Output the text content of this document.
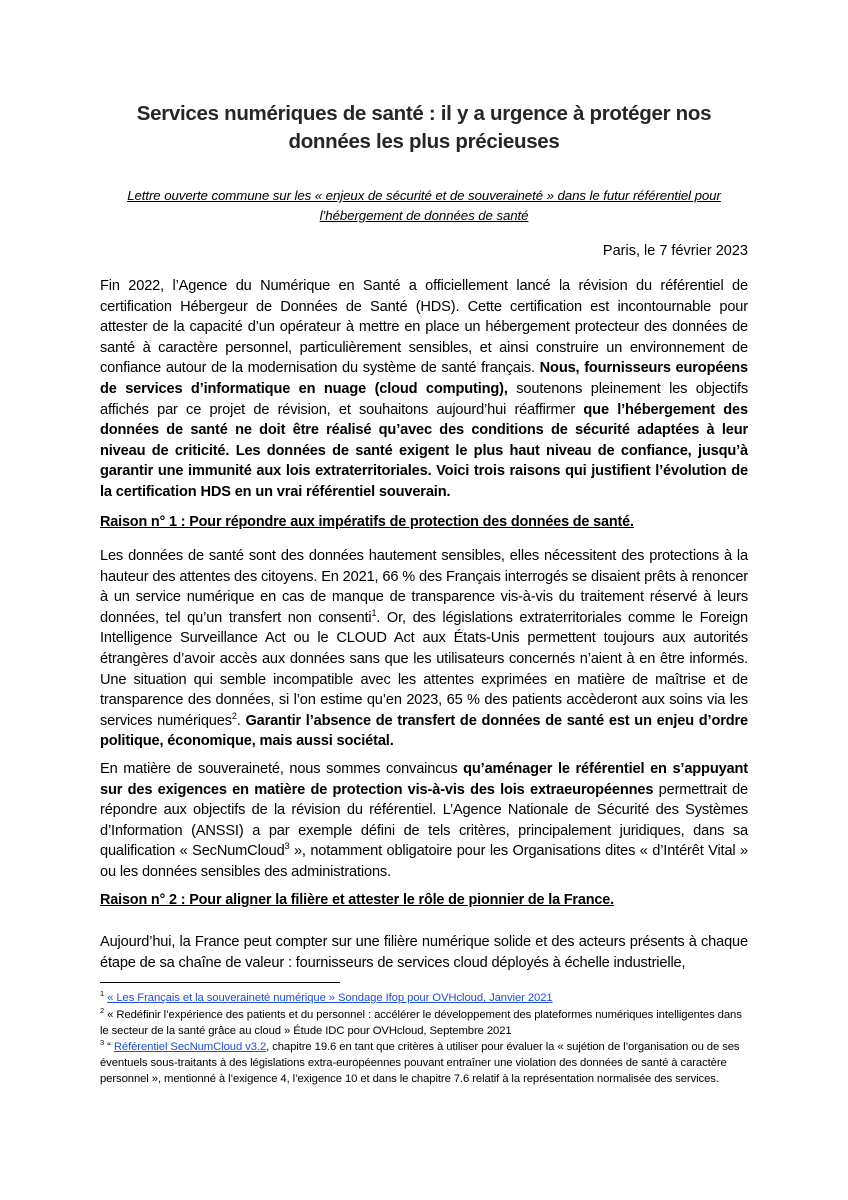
Services numériques de santé : il y a urgence à protéger nos
données les plus précieuses
Lettre ouverte commune sur les « enjeux de sécurité et de souveraineté » dans le futur référentiel pour
l’hébergement de données de santé
Paris, le 7 février 2023
Fin 2022, l’Agence du Numérique en Santé a officiellement lancé la révision du référentiel de certification Hébergeur de Données de Santé (HDS). Cette certification est incontournable pour attester de la capacité d’un opérateur à mettre en place un hébergement protecteur des données de santé à caractère personnel, particulièrement sensibles, et ainsi construire un environnement de confiance autour de la modernisation du système de santé français. Nous, fournisseurs européens de services d’informatique en nuage (cloud computing), soutenons pleinement les objectifs affichés par ce projet de révision, et souhaitons aujourd’hui réaffirmer que l’hébergement des données de santé ne doit être réalisé qu’avec des conditions de sécurité adaptées à leur niveau de criticité. Les données de santé exigent le plus haut niveau de confiance, jusqu’à garantir une immunité aux lois extraterritoriales. Voici trois raisons qui justifient l’évolution de la certification HDS en un vrai référentiel souverain.
Raison n° 1 : Pour répondre aux impératifs de protection des données de santé.
Les données de santé sont des données hautement sensibles, elles nécessitent des protections à la hauteur des attentes des citoyens. En 2021, 66 % des Français interrogés se disaient prêts à renoncer à un service numérique en cas de manque de transparence vis-à-vis du traitement réservé à leurs données, tel qu’un transfert non consenti$^1$. Or, des législations extraterritoriales comme le Foreign Intelligence Surveillance Act ou le CLOUD Act aux États-Unis permettent toujours aux autorités étrangères d’avoir accès aux données sans que les utilisateurs concernés n’aient à en être informés. Une situation qui semble incompatible avec les attentes exprimées en matière de maîtrise et de transparence des données, si l’on estime qu’en 2023, 65 % des patients accèderont aux soins via les services numériques$^2$. Garantir l’absence de transfert de données de santé est un enjeu d’ordre politique, économique, mais aussi sociétal.
En matière de souveraineté, nous sommes convaincus qu’aménager le référentiel en s’appuyant sur des exigences en matière de protection vis-à-vis des lois extraeuropéennes permettrait de répondre aux objectifs de la révision du référentiel. L’Agence Nationale de Sécurité des Systèmes d’Information (ANSSI) a par exemple défini de tels critères, principalement juridiques, dans sa qualification « SecNumCloud$^3$ », notamment obligatoire pour les Organisations dites « d’Intérêt Vital » ou les données sensibles des administrations.
Raison n° 2 : Pour aligner la filière et attester le rôle de pionnier de la France.
Aujourd’hui, la France peut compter sur une filière numérique solide et des acteurs présents à chaque étape de sa chaîne de valeur : fournisseurs de services cloud déployés à échelle industrielle,
$^1$ « Les Français et la souveraineté numérique » Sondage Ifop pour OVHcloud, Janvier 2021
$^2$ « Redéfinir l’expérience des patients et du personnel : accélérer le développement des plateformes numériques intelligentes dans le secteur de la santé grâce au cloud » Étude IDC pour OVHcloud, Septembre 2021
$^3$ “ Référentiel SecNumCloud v3.2, chapitre 19.6 en tant que critères à utiliser pour évaluer la « sujétion de l’organisation ou de ses éventuels sous-traitants à des législations extra-européennes pouvant entraîner une violation des données de santé à caractère personnel », mentionné à l’exigence 4, l’exigence 10 et dans le chapitre 7.6 relatif à la représentation normalisée des services.
